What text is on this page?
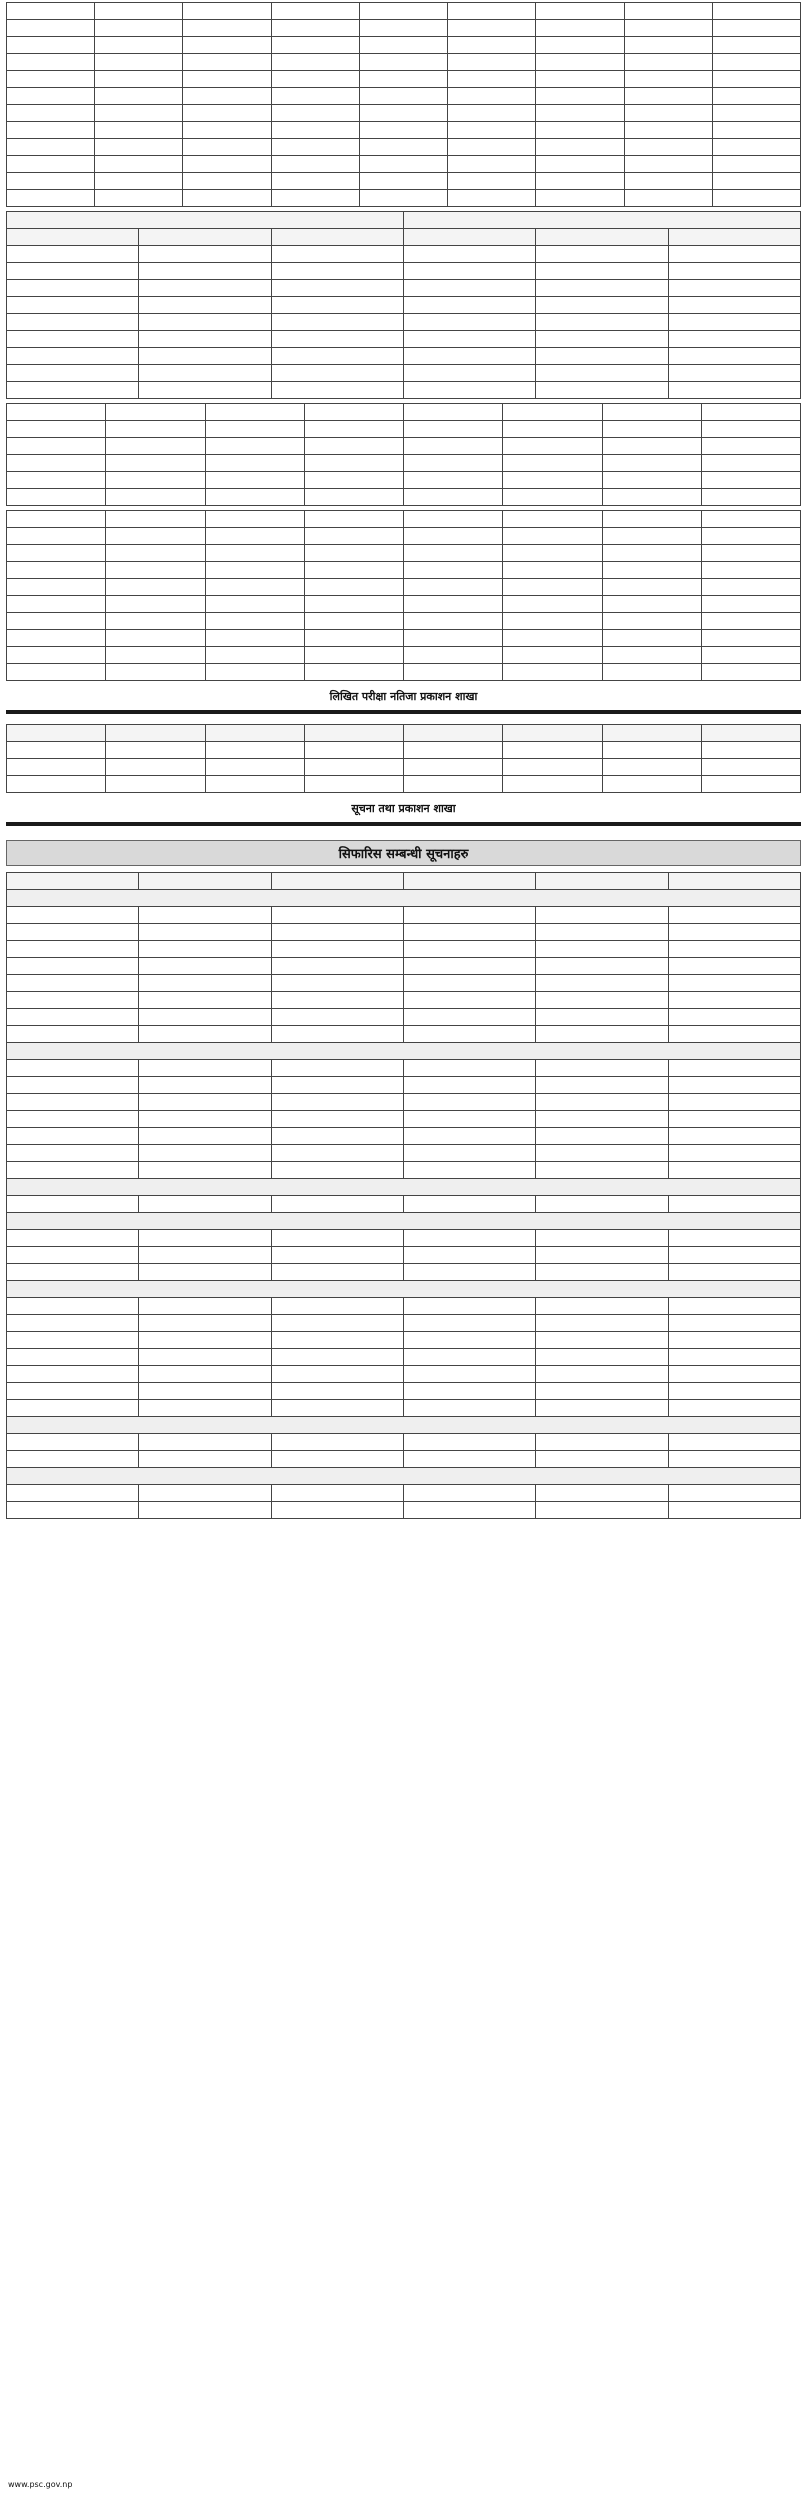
लिखित परीक्षा नतिजा प्रकाशन शाखा

सूचना तथा प्रकाशन शाखा
सिफारिस सम्बन्धी सूचनाहरु

www.psc.gov.np
